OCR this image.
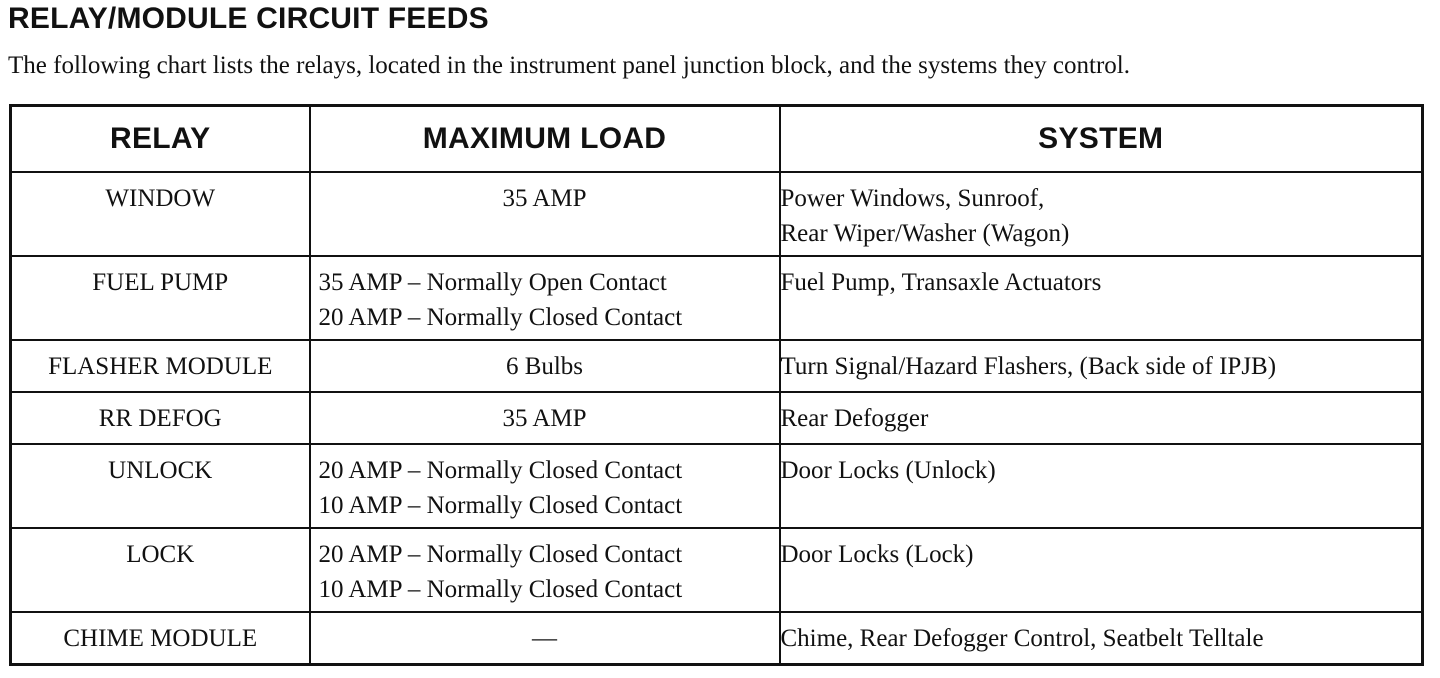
RELAY/MODULE CIRCUIT FEEDS

The following chart lists the relays, located in the instrument panel junction block, and the systems they control.

RELAY	MAXIMUM LOAD	SYSTEM

WINDOW	35 AMP	Power Windows, Sunroof,
Rear Wiper/Washer (Wagon)

FUEL PUMP	35 AMP – Normally Open Contact
20 AMP – Normally Closed Contact	Fuel Pump, Transaxle Actuators

FLASHER MODULE	6 Bulbs	Turn Signal/Hazard Flashers, (Back side of IPJB)

RR DEFOG	35 AMP	Rear Defogger

UNLOCK	20 AMP – Normally Closed Contact
10 AMP – Normally Closed Contact	Door Locks (Unlock)

LOCK	20 AMP – Normally Closed Contact
10 AMP – Normally Closed Contact	Door Locks (Lock)

CHIME MODULE	—	Chime, Rear Defogger Control, Seatbelt Telltale
